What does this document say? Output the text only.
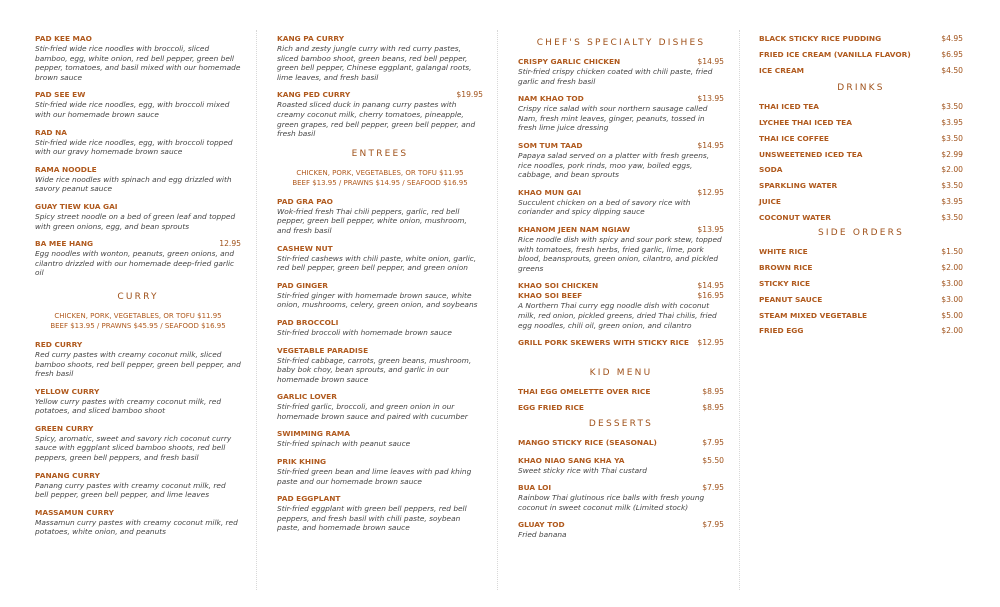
PAD KEE MAO
Stir-fried wide rice noodles with broccoli, sliced bamboo, egg, white onion, red bell pepper, green bell pepper, tomatoes, and basil mixed with our homemade brown sauce
PAD SEE EW
Stir-fried wide rice noodles, egg, with broccoli mixed with our homemade brown sauce
RAD NA
Stir-fried wide rice noodles, egg, with broccoli topped with our gravy homemade brown sauce
RAMA NOODLE
Wide rice noodles with spinach and egg drizzled with savory peanut sauce
GUAY TIEW KUA GAI
Spicy street noodle on a bed of green leaf and topped with green onions, egg, and bean sprouts
BA MEE HANG	12.95
Egg noodles with wonton, peanuts, green onions, and cilantro drizzled with our homemade deep-fried garlic oil
CURRY
CHICKEN, PORK, VEGETABLES, OR TOFU $11.95
BEEF $13.95 / PRAWNS $45.95 / SEAFOOD $16.95
RED CURRY
Red curry pastes with creamy coconut milk, sliced bamboo shoots, red bell pepper, green bell pepper, and fresh basil
YELLOW CURRY
Yellow curry pastes with creamy coconut milk, red potatoes, and sliced bamboo shoot
GREEN CURRY
Spicy, aromatic, sweet and savory rich coconut curry sauce with eggplant sliced bamboo shoots, red bell peppers, green bell peppers, and fresh basil
PANANG CURRY
Panang curry pastes with creamy coconut milk, red bell pepper, green bell pepper, and lime leaves
MASSAMUN CURRY
Massamun curry pastes with creamy coconut milk, red potatoes, white onion, and peanuts
KANG PA CURRY
Rich and zesty jungle curry with red curry pastes, sliced bamboo shoot, green beans, red bell pepper, green bell pepper, Chinese eggplant, galangal roots, lime leaves, and fresh basil
KANG PED CURRY	$19.95
Roasted sliced duck in panang curry pastes with creamy coconut milk, cherry tomatoes, pineapple, green grapes, red bell pepper, green bell pepper, and fresh basil
ENTREES
CHICKEN, PORK, VEGETABLES, OR TOFU $11.95
BEEF $13.95 / PRAWNS $14.95 / SEAFOOD $16.95
PAD GRA PAO
Wok-fried fresh Thai chili peppers, garlic, red bell pepper, green bell pepper, white onion, mushroom, and fresh basil
CASHEW NUT
Stir-fried cashews with chili paste, white onion, garlic, red bell pepper, green bell pepper, and green onion
PAD GINGER
Stir-fried ginger with homemade brown sauce, white onion, mushrooms, celery, green onion, and soybeans
PAD BROCCOLI
Stir-fried broccoli with homemade brown sauce
VEGETABLE PARADISE
Stir-fried cabbage, carrots, green beans, mushroom, baby bok choy, bean sprouts, and garlic in our homemade brown sauce
GARLIC LOVER
Stir-fried garlic, broccoli, and green onion in our homemade brown sauce and paired with cucumber
SWIMMING RAMA
Stir-fried spinach with peanut sauce
PRIK KHING
Stir-fried green bean and lime leaves with pad khing paste and our homemade brown sauce
PAD EGGPLANT
Stir-fried eggplant with green bell peppers, red bell peppers, and fresh basil with chili paste, soybean paste, and homemade brown sauce
CHEF'S SPECIALTY DISHES
CRISPY GARLIC CHICKEN	$14.95
Stir-fried crispy chicken coated with chili paste, fried garlic and fresh basil
NAM KHAO TOD	$13.95
Crispy rice salad with sour northern sausage called Nam, fresh mint leaves, ginger, peanuts, tossed in fresh lime juice dressing
SOM TUM TAAD	$14.95
Papaya salad served on a platter with fresh greens, rice noodles, pork rinds, moo yaw, boiled eggs, cabbage, and bean sprouts
KHAO MUN GAI	$12.95
Succulent chicken on a bed of savory rice with coriander and spicy dipping sauce
KHANOM JEEN NAM NGIAW	$13.95
Rice noodle dish with spicy and sour pork stew, topped with tomatoes, fresh herbs, fried garlic, lime, pork blood, beansprouts, green onion, cilantro, and pickled greens
KHAO SOI CHICKEN	$14.95
KHAO SOI BEEF	$16.95
A Northern Thai curry egg noodle dish with coconut milk, red onion, pickled greens, dried Thai chilis, fried egg noodles, chili oil, green onion, and cilantro
GRILL PORK SKEWERS WITH STICKY RICE $12.95
KID MENU
THAI EGG OMELETTE OVER RICE	$8.95
EGG FRIED RICE	$8.95
DESSERTS
MANGO STICKY RICE (SEASONAL)	$7.95
KHAO NIAO SANG KHA YA	$5.50
Sweet sticky rice with Thai custard
BUA LOI	$7.95
Rainbow Thai glutinous rice balls with fresh young coconut in sweet coconut milk (Limited stock)
GLUAY TOD	$7.95
Fried banana
BLACK STICKY RICE PUDDING	$4.95
FRIED ICE CREAM (VANILLA FLAVOR)	$6.95
ICE CREAM	$4.50
DRINKS
THAI ICED TEA	$3.50
LYCHEE THAI ICED TEA	$3.95
THAI ICE COFFEE	$3.50
UNSWEETENED ICED TEA	$2.99
SODA	$2.00
SPARKLING WATER	$3.50
JUICE	$3.95
COCONUT WATER	$3.50
SIDE ORDERS
WHITE RICE	$1.50
BROWN RICE	$2.00
STICKY RICE	$3.00
PEANUT SAUCE	$3.00
STEAM MIXED VEGETABLE	$5.00
FRIED EGG	$2.00
